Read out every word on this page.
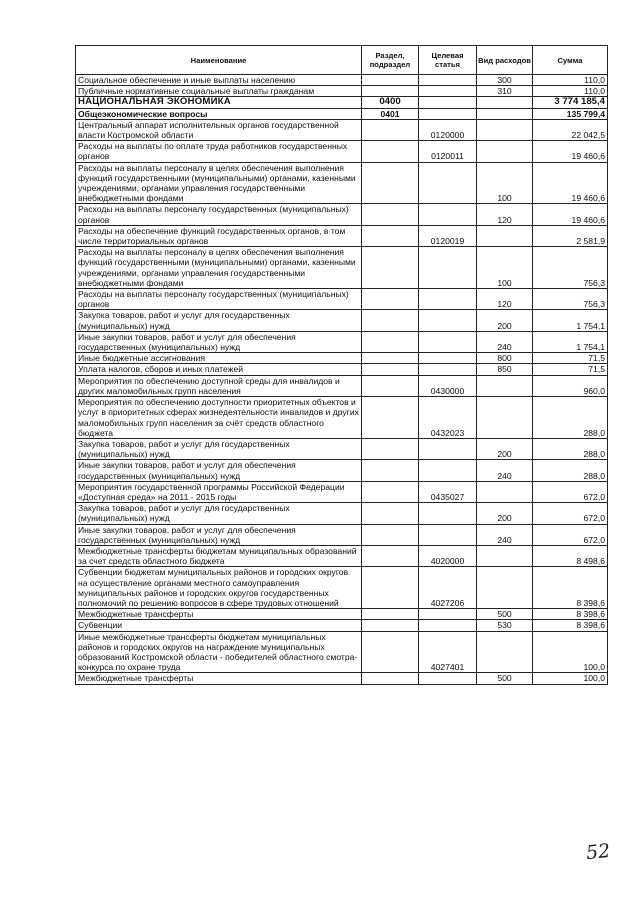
Наименование	Раздел, подраздел	Целевая статья	Вид расходов	Сумма
Социальное обеспечение и иные выплаты населению			300	110,0
Публичные нормативные социальные выплаты гражданам			310	110,0
НАЦИОНАЛЬНАЯ ЭКОНОМИКА	0400			3 774 185,4
Общеэкономические вопросы	0401			135 799,4
Центральный аппарат исполнительных органов государственной власти Костромской области		0120000		22 042,5
Расходы на выплаты по оплате труда работников государственных органов		0120011		19 460,6
Расходы на выплаты персоналу в целях обеспечения выполнения функций государственными (муниципальными) органами, казенными учреждениями, органами управления государственными внебюджетными фондами			100	19 460,6
Расходы на выплаты персоналу государственных (муниципальных) органов			120	19 460,6
Расходы на обеспечение функций государственных органов, в том числе территориальных органов		0120019		2 581,9
Расходы на выплаты персоналу в целях обеспечения выполнения функций государственными (муниципальными) органами, казенными учреждениями, органами управления государственными внебюджетными фондами			100	756,3
Расходы на выплаты персоналу государственных (муниципальных) органов			120	756,3
Закупка товаров, работ и услуг для государственных (муниципальных) нужд			200	1 754,1
Иные закупки товаров, работ и услуг для обеспечения государственных (муниципальных) нужд			240	1 754,1
Иные бюджетные ассигнования			800	71,5
Уплата налогов, сборов и иных платежей			850	71,5
Мероприятия по обеспечению доступной среды для инвалидов и других маломобильных групп населения		0430000		960,0
Мероприятия по обеспечению доступности приоритетных объектов и услуг в приоритетных сферах жизнедеятельности инвалидов и других маломобильных групп населения за счёт средств областного бюджета		0432023		288,0
Закупка товаров, работ и услуг для государственных (муниципальных) нужд			200	288,0
Иные закупки товаров, работ и услуг для обеспечения государственных (муниципальных) нужд			240	288,0
Мероприятия государственной программы Российской Федерации «Доступная среда» на 2011 - 2015 годы		0435027		672,0
Закупка товаров, работ и услуг для государственных (муниципальных) нужд			200	672,0
Иные закупки товаров, работ и услуг для обеспечения государственных (муниципальных) нужд			240	672,0
Межбюджетные трансферты бюджетам муниципальных образований за счет средств областного бюджета		4020000		8 498,6
Субвенции бюджетам муниципальных районов и городских округов на осуществление органами местного самоуправления муниципальных районов и городских округов государственных полномочий по решению вопросов в сфере трудовых отношений		4027206		8 398,6
Межбюджетные трансферты			500	8 398,6
Субвенции			530	8 398,6
Иные межбюджетные трансферты бюджетам муниципальных районов и городских округов на награждение муниципальных образований Костромской области - победителей областного смотра-конкурса по охране труда		4027401		100,0
Межбюджетные трансферты			500	100,0
52
